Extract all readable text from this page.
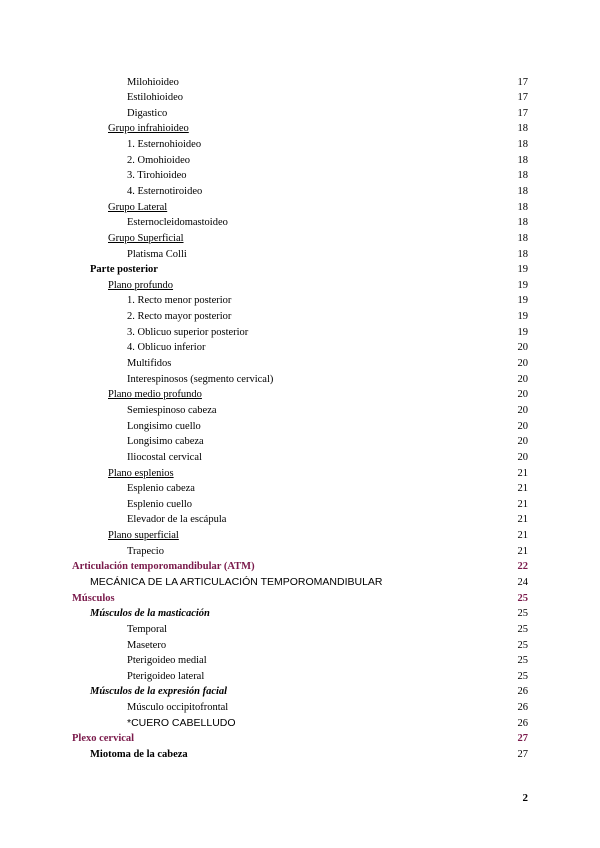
Milohioideo	17
Estilohioideo	17
Digastico	17
Grupo infrahioideo	18
1. Esternohioideo	18
2. Omohioideo	18
3. Tirohioideo	18
4. Esternotiroideo	18
Grupo Lateral	18
Esternocleidomastoideo	18
Grupo Superficial	18
Platisma Colli	18
Parte posterior	19
Plano profundo	19
1. Recto menor posterior	19
2. Recto mayor posterior	19
3. Oblicuo superior posterior	19
4. Oblicuo inferior	20
Multifidos	20
Interespinosos (segmento cervical)	20
Plano medio profundo	20
Semiespinoso cabeza	20
Longisimo cuello	20
Longisimo cabeza	20
Iliocostal cervical	20
Plano esplenios	21
Esplenio cabeza	21
Esplenio cuello	21
Elevador de la escápula	21
Plano superficial	21
Trapecio	21
Articulación temporomandibular (ATM)	22
MECÁNICA DE LA ARTICULACIÓN TEMPOROMANDIBULAR	24
Músculos	25
Músculos de la masticación	25
Temporal	25
Masetero	25
Pterigoideo medial	25
Pterigoideo lateral	25
Músculos de la expresión facial	26
Músculo occipitofrontal	26
*CUERO CABELLUDO	26
Plexo cervical	27
Miotoma de la cabeza	27
2
